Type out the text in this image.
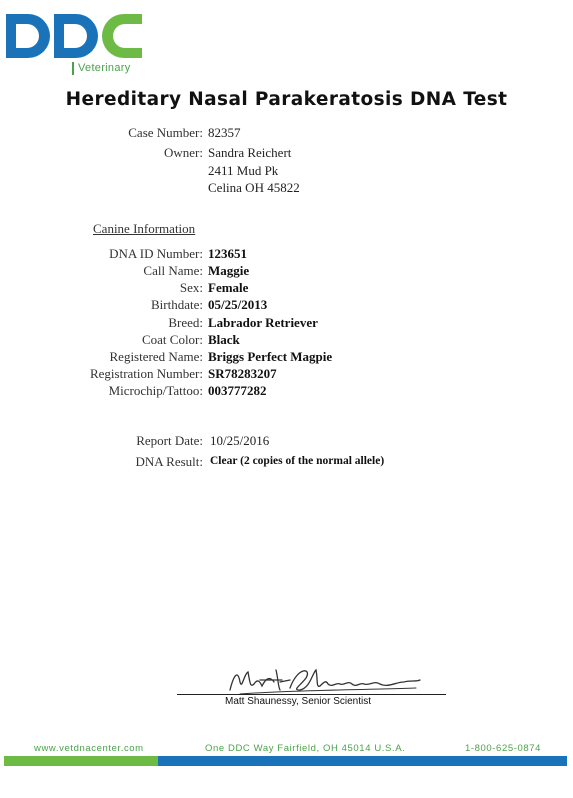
Veterinary
Hereditary Nasal Parakeratosis DNA Test
Case Number: 82357
Owner: Sandra Reichert
2411 Mud Pk
Celina OH 45822
Canine Information
DNA ID Number: 123651
Call Name: Maggie
Sex: Female
Birthdate: 05/25/2013
Breed: Labrador Retriever
Coat Color: Black
Registered Name: Briggs Perfect Magpie
Registration Number: SR78283207
Microchip/Tattoo: 003777282
Report Date: 10/25/2016
DNA Result: Clear (2 copies of the normal allele)
Matt Shaunessy, Senior Scientist
www.vetdnacenter.com	One DDC Way Fairfield, OH 45014 U.S.A.	1-800-625-0874
